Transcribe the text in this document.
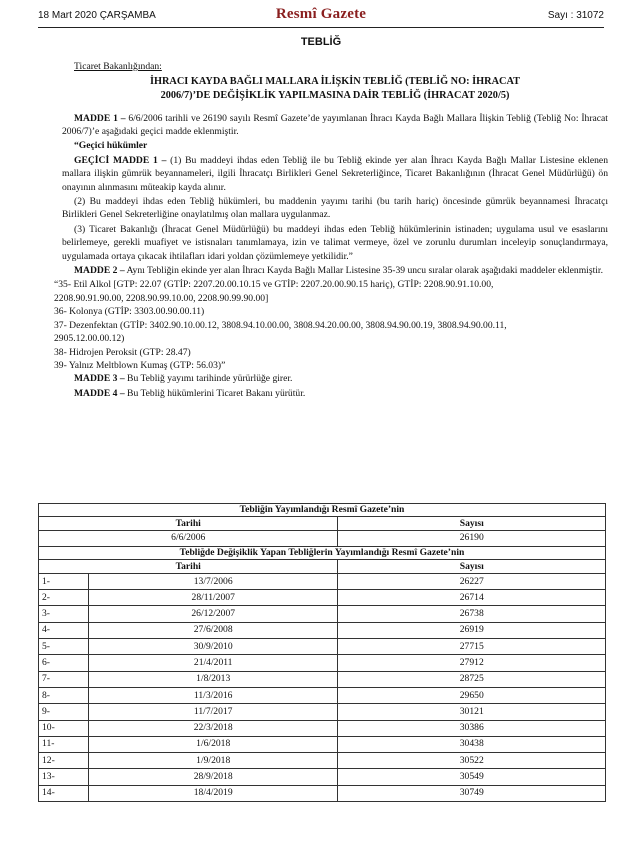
18 Mart 2020 ÇARŞAMBA	Resmî Gazete	Sayı : 31072
TEBLİĞ
Ticaret Bakanlığından:
İHRACI KAYDA BAĞLI MALLARA İLİŞKİN TEBLİĞ (TEBLİĞ NO: İHRACAT
2006/7)’DE DEĞİŞİKLİK YAPILMASINA DAİR TEBLİĞ (İHRACAT 2020/5)
MADDE 1 – 6/6/2006 tarihli ve 26190 sayılı Resmî Gazete’de yayımlanan İhracı Kayda Bağlı Mallara İlişkin Tebliğ (Tebliğ No: İhracat 2006/7)’e aşağıdaki geçici madde eklenmiştir.
“Geçici hükümler
GEÇİCİ MADDE 1 – (1) Bu maddeyi ihdas eden Tebliğ ile bu Tebliğ ekinde yer alan İhracı Kayda Bağlı Mallar Listesine eklenen mallara ilişkin gümrük beyannameleri, ilgili İhracatçı Birlikleri Genel Sekreterliğince, Ticaret Bakanlığının (İhracat Genel Müdürlüğü) ön onayının alınmasını müteakip kayda alınır.
(2) Bu maddeyi ihdas eden Tebliğ hükümleri, bu maddenin yayımı tarihi (bu tarih hariç) öncesinde gümrük beyannamesi İhracatçı Birlikleri Genel Sekreterliğine onaylatılmış olan mallara uygulanmaz.
(3) Ticaret Bakanlığı (İhracat Genel Müdürlüğü) bu maddeyi ihdas eden Tebliğ hükümlerinin istinaden; uygulama usul ve esaslarını belirlemeye, gerekli muafiyet ve istisnaları tanımlamaya, izin ve talimat vermeye, özel ve zorunlu durumları inceleyip sonuçlandırmaya, uygulamada ortaya çıkacak ihtilafları idari yoldan çözümlemeye yetkilidir.”
MADDE 2 – Aynı Tebliğin ekinde yer alan İhracı Kayda Bağlı Mallar Listesine 35-39 uncu sıralar olarak aşağıdaki maddeler eklenmiştir.
“35- Etil Alkol [GTP: 22.07 (GTİP: 2207.20.00.10.15 ve GTİP: 2207.20.00.90.15 hariç), GTİP: 2208.90.91.10.00,
2208.90.91.90.00, 2208.90.99.10.00, 2208.90.99.90.00]
36- Kolonya (GTİP: 3303.00.90.00.11)
37- Dezenfektan (GTİP: 3402.90.10.00.12, 3808.94.10.00.00, 3808.94.20.00.00, 3808.94.90.00.19, 3808.94.90.00.11,
2905.12.00.00.12)
38- Hidrojen Peroksit (GTP: 28.47)
39- Yalnız Meltblown Kumaş (GTP: 56.03)”
MADDE 3 – Bu Tebliğ yayımı tarihinde yürürlüğe girer.
MADDE 4 – Bu Tebliğ hükümlerini Ticaret Bakanı yürütür.
Tebliğin Yayımlandığı Resmî Gazete’nin		
Tarihi		Sayısı
6/6/2006		26190
Tebliğde Değişiklik Yapan Tebliğlerin Yayımlandığı Resmî Gazete’nin		
Tarihi		Sayısı
1-	13/7/2006	26227
2-	28/11/2007	26714
3-	26/12/2007	26738
4-	27/6/2008	26919
5-	30/9/2010	27715
6-	21/4/2011	27912
7-	1/8/2013	28725
8-	11/3/2016	29650
9-	11/7/2017	30121
10-	22/3/2018	30386
11-	1/6/2018	30438
12-	1/9/2018	30522
13-	28/9/2018	30549
14-	18/4/2019	30749
